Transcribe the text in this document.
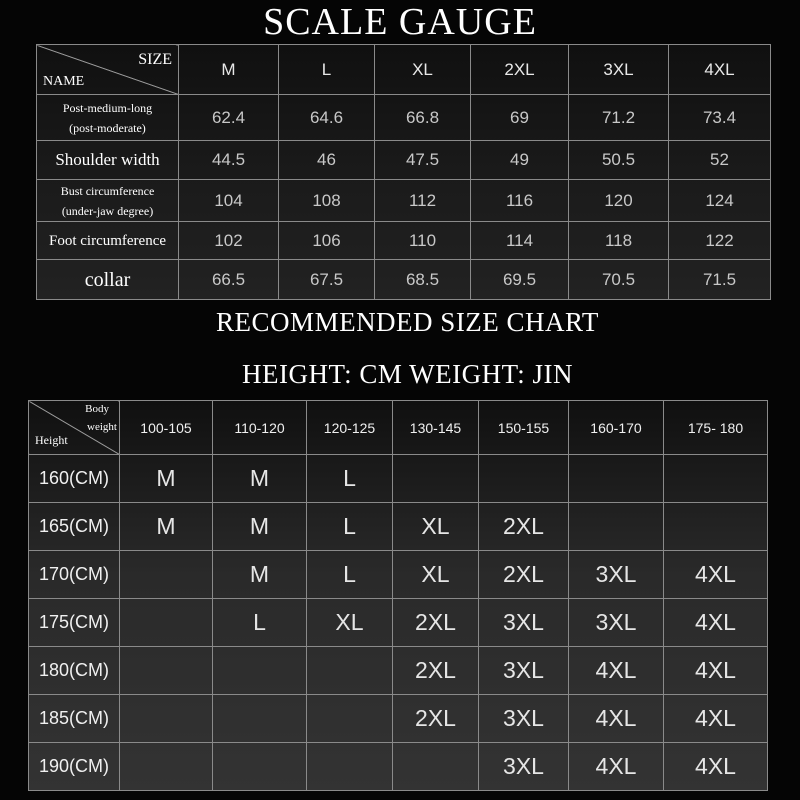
SCALE GAUGE
SIZE
NAME	M	L	XL	2XL	3XL	4XL

Post-medium-long
(post-moderate)	62.4	64.6	66.8	69	71.2	73.4
Shoulder width	44.5	46	47.5	49	50.5	52

Bust circumference
(under-jaw degree)	104	108	112	116	120	124
Foot circumference	102	106	110	114	118	122
collar	66.5	67.5	68.5	69.5	70.5	71.5
RECOMMENDED SIZE CHART
HEIGHT: CM WEIGHT: JIN
Body
weight
Height	100-105	110-120	120-125	130-145	150-155	160-170	175- 180
160(CM)	M	M	L				
165(CM)	M	M	L	XL	2XL		
170(CM)		M	L	XL	2XL	3XL	4XL
175(CM)		L	XL	2XL	3XL	3XL	4XL
180(CM)				2XL	3XL	4XL	4XL
185(CM)				2XL	3XL	4XL	4XL
190(CM)					3XL	4XL	4XL
